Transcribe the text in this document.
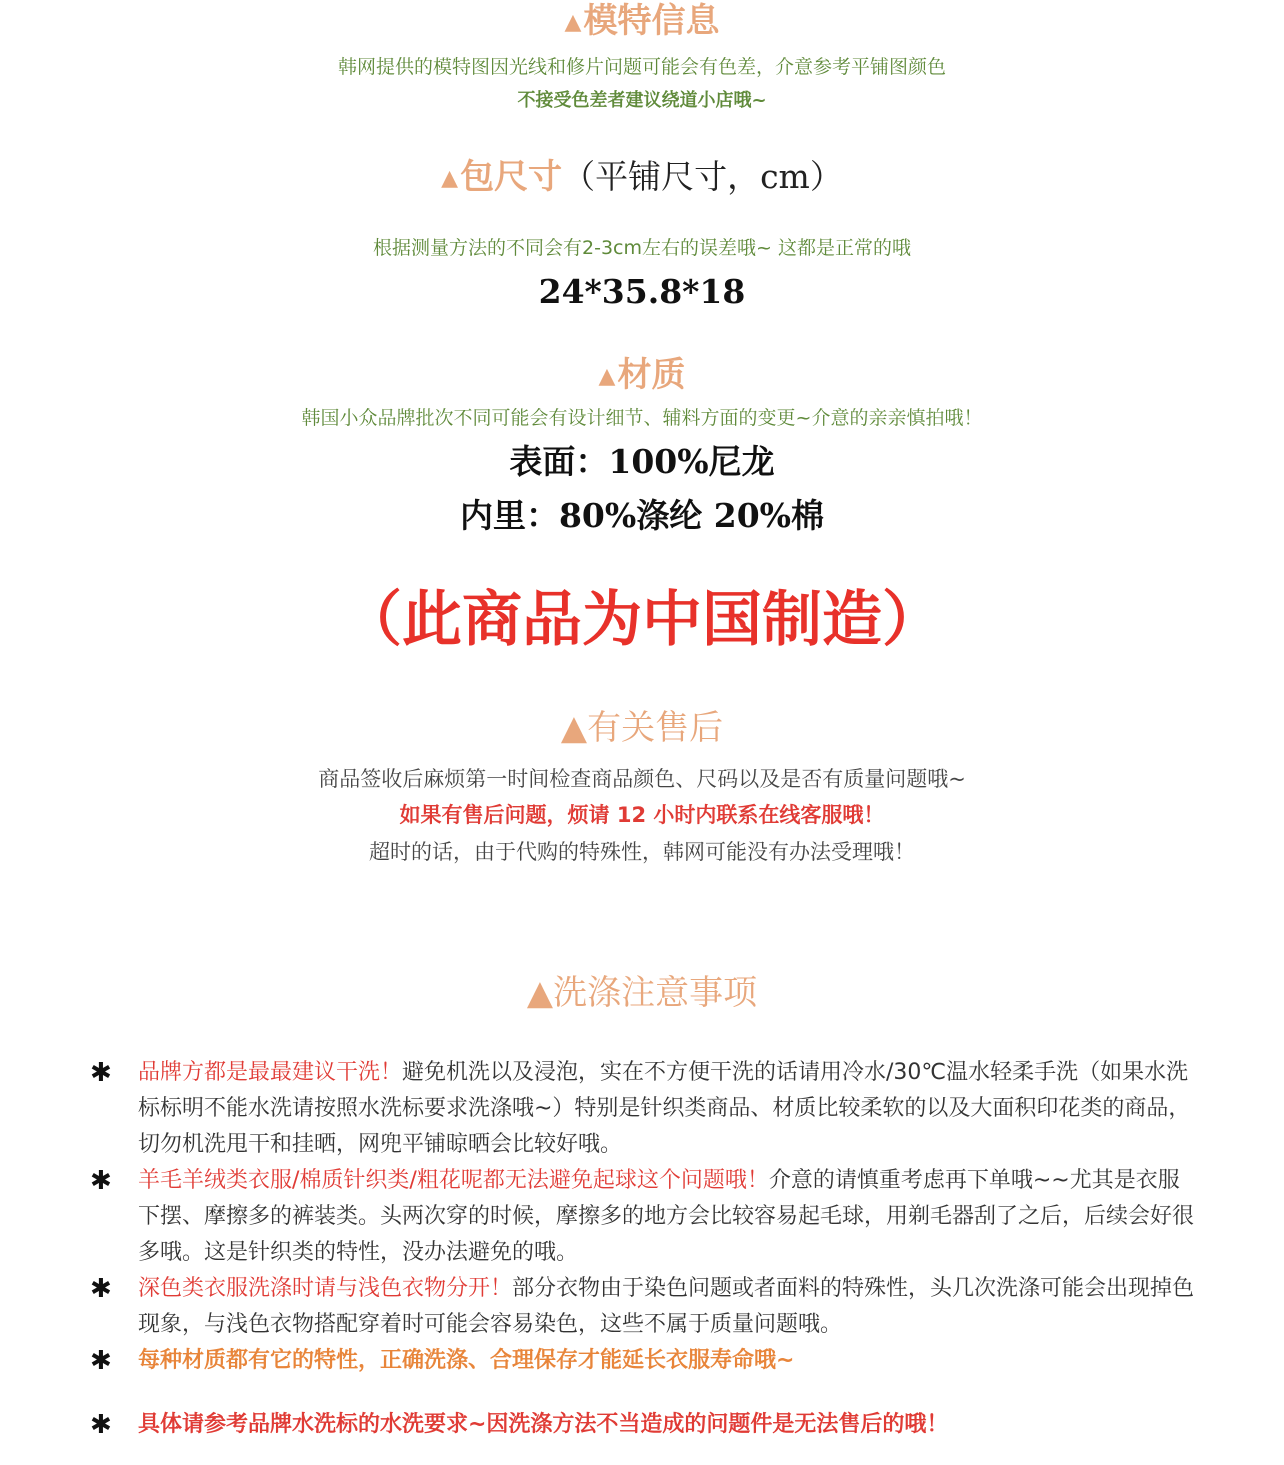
▲模特信息
韩网提供的模特图因光线和修片问题可能会有色差，介意参考平铺图颜色
不接受色差者建议绕道小店哦~
▲包尺寸（平铺尺寸，cm）
根据测量方法的不同会有2-3cm左右的误差哦~ 这都是正常的哦
24*35.8*18
▲材质
韩国小众品牌批次不同可能会有设计细节、辅料方面的变更~介意的亲亲慎拍哦！
表面：100%尼龙
内里：80%涤纶 20%棉
（此商品为中国制造）
▲有关售后
商品签收后麻烦第一时间检查商品颜色、尺码以及是否有质量问题哦~
如果有售后问题，烦请 12 小时内联系在线客服哦！
超时的话，由于代购的特殊性，韩网可能没有办法受理哦！
▲洗涤注意事项
✱ 品牌方都是最最建议干洗！避免机洗以及浸泡，实在不方便干洗的话请用冷水/30℃温水轻柔手洗（如果水洗标标明不能水洗请按照水洗标要求洗涤哦~）特别是针织类商品、材质比较柔软的以及大面积印花类的商品，切勿机洗甩干和挂晒，网兜平铺晾晒会比较好哦。
✱ 羊毛羊绒类衣服/棉质针织类/粗花呢都无法避免起球这个问题哦！介意的请慎重考虑再下单哦~~尤其是衣服下摆、摩擦多的裤装类。头两次穿的时候，摩擦多的地方会比较容易起毛球，用剃毛器刮了之后，后续会好很多哦。这是针织类的特性，没办法避免的哦。
✱ 深色类衣服洗涤时请与浅色衣物分开！部分衣物由于染色问题或者面料的特殊性，头几次洗涤可能会出现掉色现象，与浅色衣物搭配穿着时可能会容易染色，这些不属于质量问题哦。
✱ 每种材质都有它的特性，正确洗涤、合理保存才能延长衣服寿命哦~
✱ 具体请参考品牌水洗标的水洗要求~因洗涤方法不当造成的问题件是无法售后的哦！
